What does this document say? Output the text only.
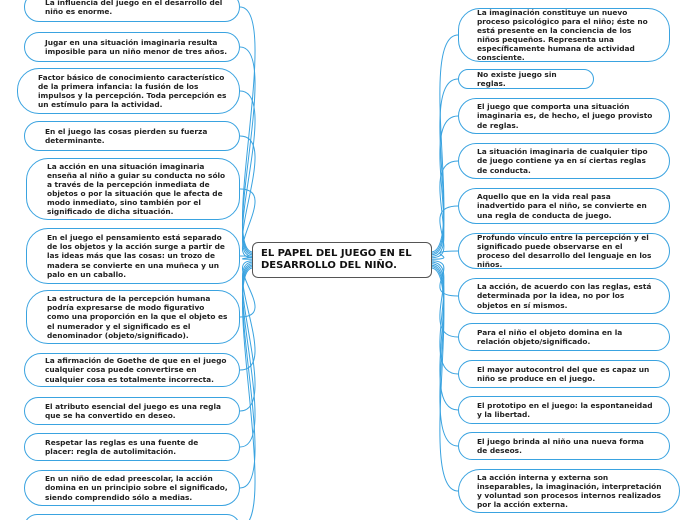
EL PAPEL DEL JUEGO EN EL DESARROLLO DEL NIÑO.
La influencia del juego en el desarrollo del niño es enorme.
Jugar en una situación imaginaria resulta imposible para un niño menor de tres años.
Factor básico de conocimiento característico de la primera infancia: la fusión de los impulsos y la percepción. Toda percepción es un estímulo para la actividad.
En el juego las cosas pierden su fuerza determinante.
La acción en una situación imaginaria enseña al niño a guiar su conducta no sólo a través de la percepción inmediata de objetos o por la situación que le afecta de modo inmediato, sino también por el significado de dicha situación.
En el juego el pensamiento está separado de los objetos y la acción surge a partir de las ideas más que las cosas: un trozo de madera se convierte en una muñeca y un palo en un caballo.
La estructura de la percepción humana podría expresarse de modo figurativo como una proporción en la que el objeto es el numerador y el significado es el denominador (objeto/significado).
La afirmación de Goethe de que en el juego cualquier cosa puede convertirse en cualquier cosa es totalmente incorrecta.
El atributo esencial del juego es una regla que se ha convertido en deseo.
Respetar las reglas es una fuente de placer: regla de autolimitación.
En un niño de edad preescolar, la acción domina en un principio sobre el significado, siendo comprendido sólo a medias.
La imaginación constituye un nuevo proceso psicológico para el niño; éste no está presente en la conciencia de los niños pequeños. Representa una específicamente humana de actividad consciente.
No existe juego sin reglas.
El juego que comporta una situación imaginaria es, de hecho, el juego provisto de reglas.
La situación imaginaria de cualquier tipo de juego contiene ya en sí ciertas reglas de conducta.
Aquello que en la vida real pasa inadvertido para el niño, se convierte en una regla de conducta de juego.
Profundo vínculo entre la percepción y el significado puede observarse en el proceso del desarrollo del lenguaje en los niños.
La acción, de acuerdo con las reglas, está determinada por la idea, no por los objetos en sí mismos.
Para el niño el objeto domina en la relación objeto/significado.
El mayor autocontrol del que es capaz un niño se produce en el juego.
El prototipo en el juego: la espontaneidad y la libertad.
El juego brinda al niño una nueva forma de deseos.
La acción interna y externa son inseparables, la imaginación, interpretación y voluntad son procesos internos realizados por la acción externa.
